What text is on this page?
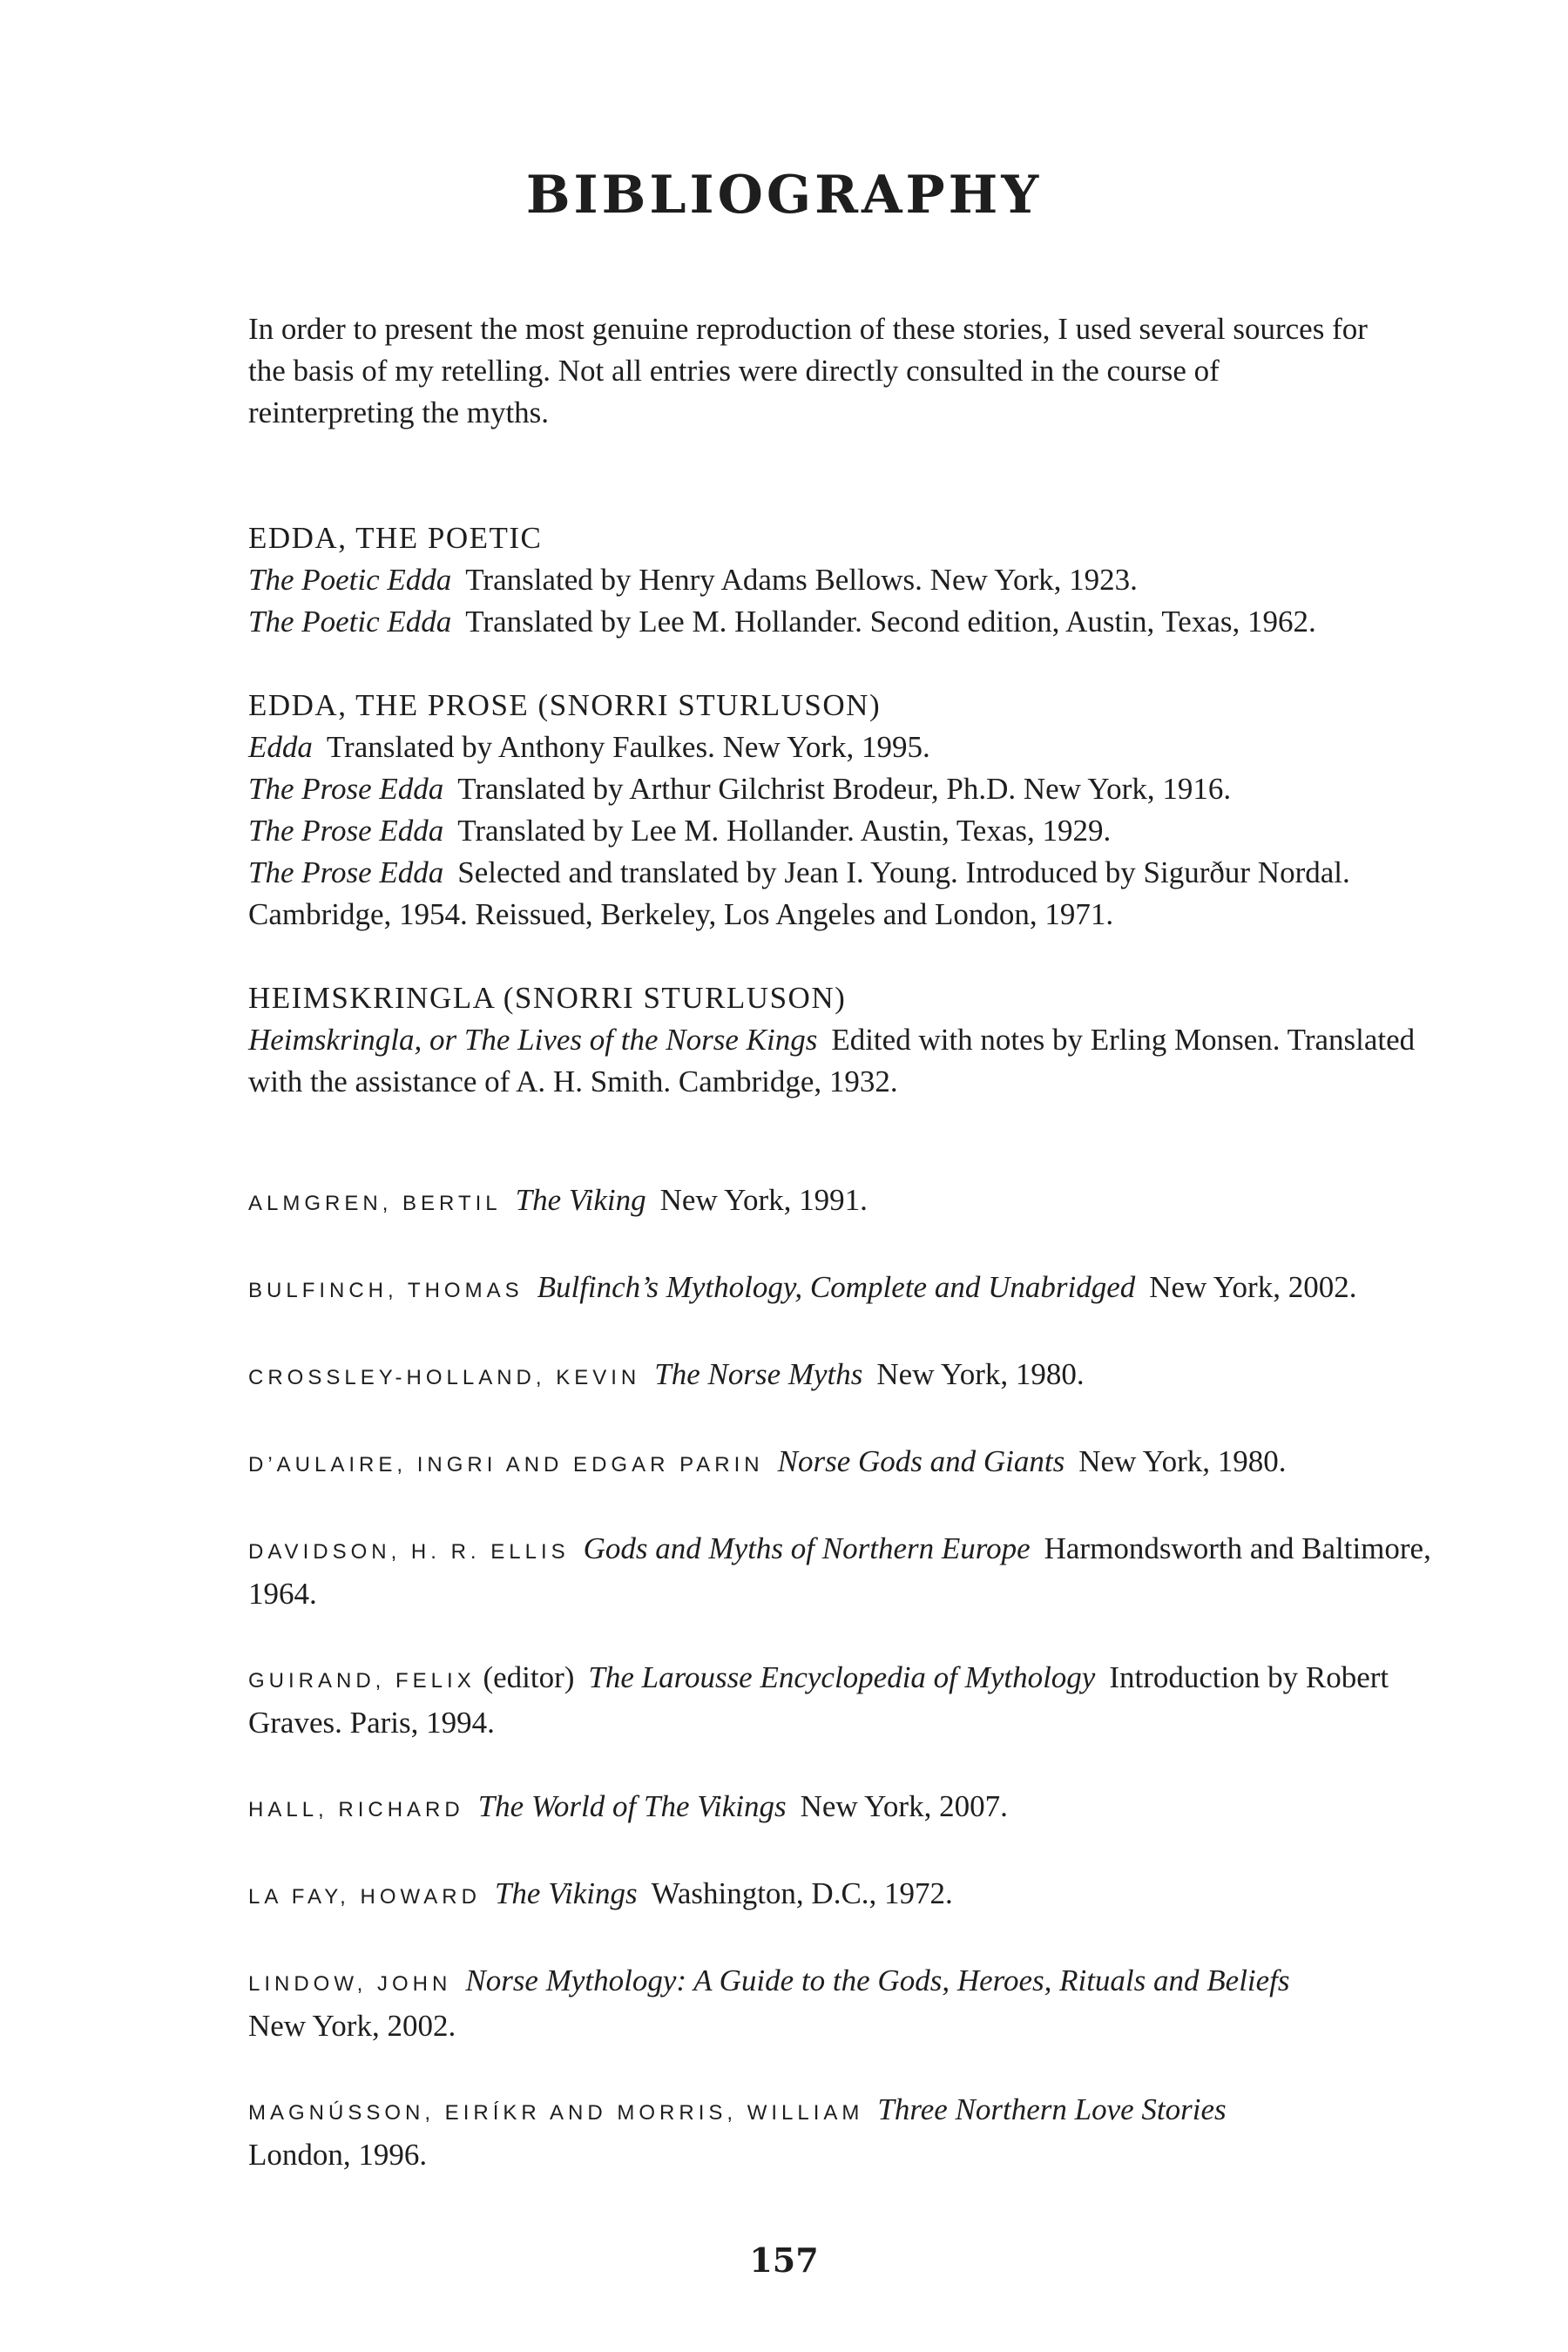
BIBLIOGRAPHY

In order to present the most genuine reproduction of these stories, I used several sources for the basis of my retelling. Not all entries were directly consulted in the course of reinterpreting the myths.

EDDA, THE POETIC
The Poetic Edda Translated by Henry Adams Bellows. New York, 1923.
The Poetic Edda Translated by Lee M. Hollander. Second edition, Austin, Texas, 1962.
EDDA, THE PROSE (SNORRI STURLUSON)
Edda Translated by Anthony Faulkes. New York, 1995.
The Prose Edda Translated by Arthur Gilchrist Brodeur, Ph.D. New York, 1916.
The Prose Edda Translated by Lee M. Hollander. Austin, Texas, 1929.
The Prose Edda Selected and translated by Jean I. Young. Introduced by Sigurður Nordal. Cambridge, 1954. Reissued, Berkeley, Los Angeles and London, 1971.
HEIMSKRINGLA (SNORRI STURLUSON)
Heimskringla, or The Lives of the Norse Kings Edited with notes by Erling Monsen. Translated with the assistance of A. H. Smith. Cambridge, 1932.
ALMGREN, BERTIL The Viking New York, 1991.
BULFINCH, THOMAS Bulfinch’s Mythology, Complete and Unabridged New York, 2002.
CROSSLEY-HOLLAND, KEVIN The Norse Myths New York, 1980.
D’AULAIRE, INGRI AND EDGAR PARIN Norse Gods and Giants New York, 1980.
DAVIDSON, H. R. ELLIS Gods and Myths of Northern Europe Harmondsworth and Baltimore, 1964.
GUIRAND, FELIX (editor) The Larousse Encyclopedia of Mythology Introduction by Robert Graves. Paris, 1994.
HALL, RICHARD The World of The Vikings New York, 2007.
LA FAY, HOWARD The Vikings Washington, D.C., 1972.
LINDOW, JOHN Norse Mythology: A Guide to the Gods, Heroes, Rituals and Beliefs
New York, 2002.
MAGNÚSSON, EIRÍKR AND MORRIS, WILLIAM Three Northern Love Stories
London, 1996.
157
